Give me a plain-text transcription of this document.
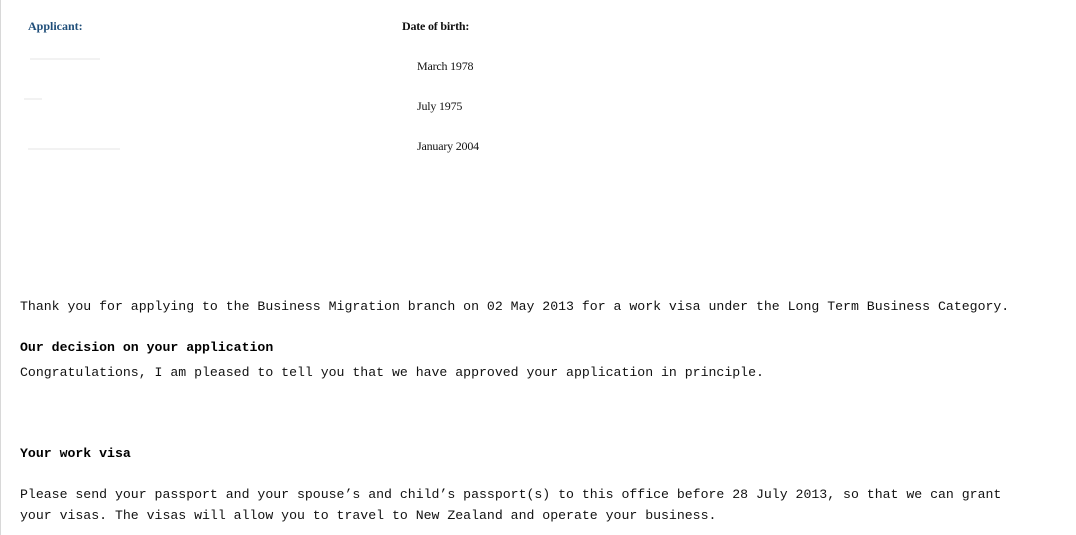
Applicant:	Date of birth:
March 1978
July 1975
January 2004
Thank you for applying to the Business Migration branch on 02 May 2013 for a work visa under the Long Term Business Category.
Our decision on your application
Congratulations, I am pleased to tell you that we have approved your application in principle.
Your work visa
Please send your passport and your spouse’s and child’s passport(s) to this office before 28 July 2013, so that we can grant
your visas. The visas will allow you to travel to New Zealand and operate your business.
